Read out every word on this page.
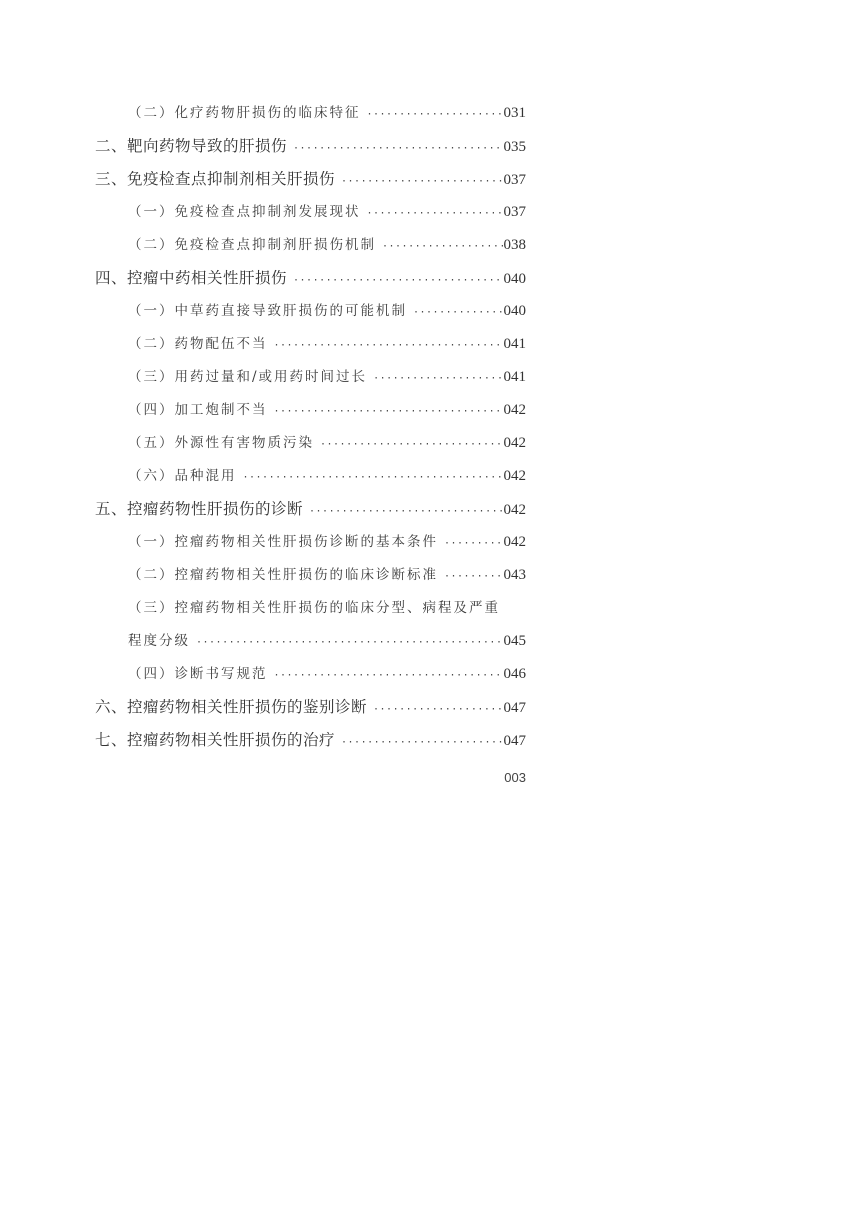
（二）化疗药物肝损伤的临床特征 ·····	031
二、靶向药物导致的肝损伤 ·····	035
三、免疫检查点抑制剂相关肝损伤 ·····	037
（一）免疫检查点抑制剂发展现状 ·····	037
（二）免疫检查点抑制剂肝损伤机制 ·····	038
四、控瘤中药相关性肝损伤 ·····	040
（一）中草药直接导致肝损伤的可能机制 ·····	040
（二）药物配伍不当 ·····	041
（三）用药过量和/或用药时间过长 ·····	041
（四）加工炮制不当 ·····	042
（五）外源性有害物质污染 ·····	042
（六）品种混用 ·····	042
五、控瘤药物性肝损伤的诊断 ·····	042
（一）控瘤药物相关性肝损伤诊断的基本条件 ·····	042
（二）控瘤药物相关性肝损伤的临床诊断标准 ·····	043
（三）控瘤药物相关性肝损伤的临床分型、病程及严重
程度分级 ·····	045
（四）诊断书写规范 ·····	046
六、控瘤药物相关性肝损伤的鉴别诊断 ·····	047
七、控瘤药物相关性肝损伤的治疗 ·····	047
003
